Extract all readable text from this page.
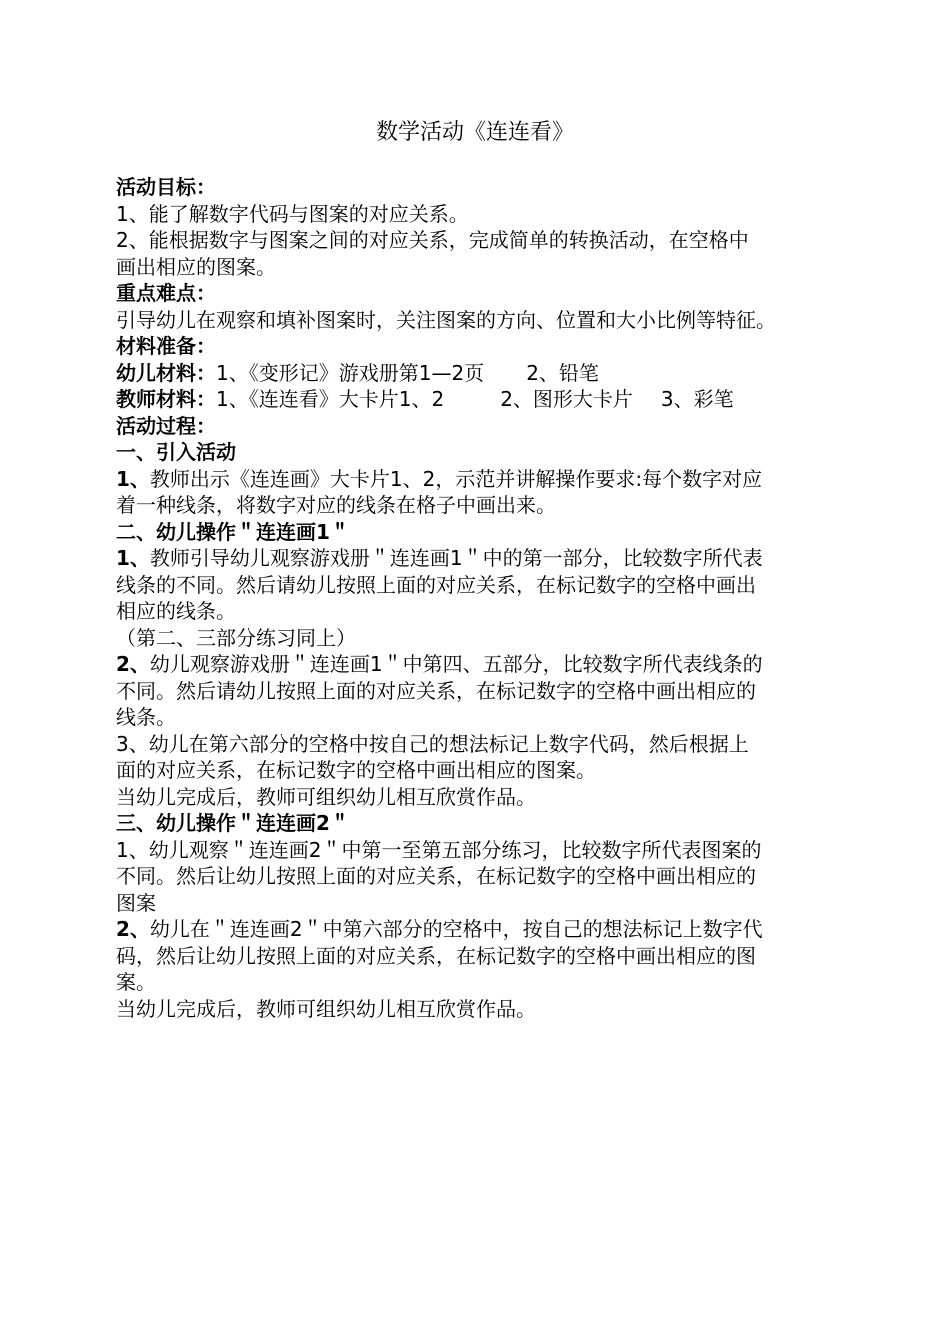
数学活动《连连看》
活动目标：
1、能了解数字代码与图案的对应关系。
2、能根据数字与图案之间的对应关系，完成简单的转换活动，在空格中
画出相应的图案。
重点难点：
引导幼儿在观察和填补图案时，关注图案的方向、位置和大小比例等特征。
材料准备：
幼儿材料：1、《变形记》游戏册第1—2页 2、铅笔
教师材料：1、《连连看》大卡片1、2	2、图形大卡片 3、彩笔
活动过程：
一、引入活动
1、教师出示《连连画》大卡片1、2，示范并讲解操作要求:每个数字对应
着一种线条，将数字对应的线条在格子中画出来。
二、幼儿操作＂连连画1＂
1、教师引导幼儿观察游戏册＂连连画1＂中的第一部分，比较数字所代表
线条的不同。然后请幼儿按照上面的对应关系，在标记数字的空格中画出
相应的线条。
（第二、三部分练习同上）
2、幼儿观察游戏册＂连连画1＂中第四、五部分，比较数字所代表线条的
不同。然后请幼儿按照上面的对应关系，在标记数字的空格中画出相应的
线条。
3、幼儿在第六部分的空格中按自己的想法标记上数字代码，然后根据上
面的对应关系，在标记数字的空格中画出相应的图案。
当幼儿完成后，教师可组织幼儿相互欣赏作品。
三、幼儿操作＂连连画2＂
1、幼儿观察＂连连画2＂中第一至第五部分练习，比较数字所代表图案的
不同。然后让幼儿按照上面的对应关系，在标记数字的空格中画出相应的
图案
2、幼儿在＂连连画2＂中第六部分的空格中，按自己的想法标记上数字代
码，然后让幼儿按照上面的对应关系，在标记数字的空格中画出相应的图
案。
当幼儿完成后，教师可组织幼儿相互欣赏作品。
